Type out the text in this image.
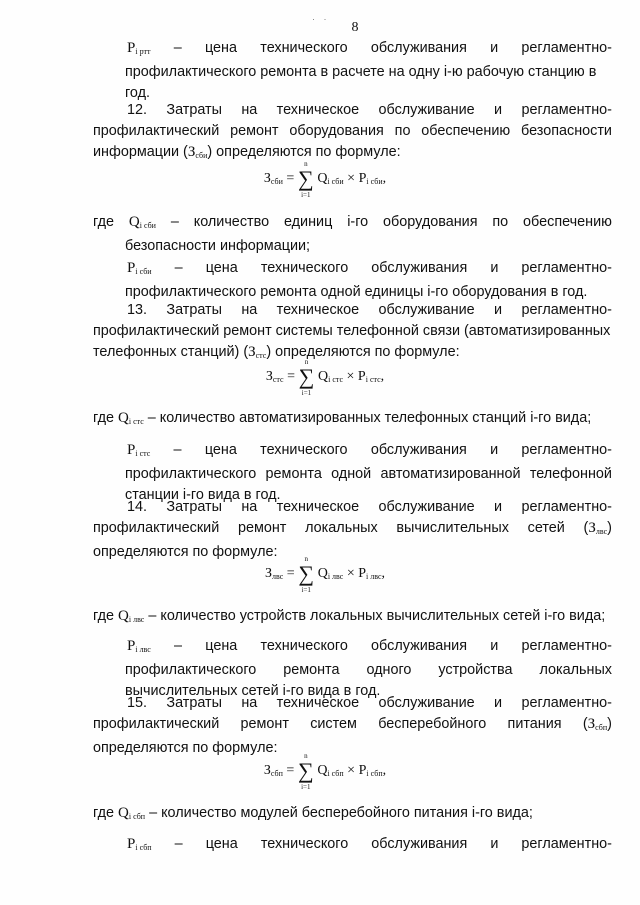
· ·
8
$P_{i ртт}$ – цена технического обслуживания и регламентно-
профилактического ремонта в расчете на одну i-ю рабочую станцию в
год.
12. Затраты на техническое обслуживание и регламентно-
профилактический ремонт оборудования по обеспечению безопасности
информации $(З_{сби})$ определяются по формуле:
$З_{сби}$ =
n
∑
i=1
$Q_{i сби} \times P_{i сби}$,
где $Q_{i сби}$ – количество единиц i-го оборудования по обеспечению
безопасности информации;
$P_{i сби}$ – цена технического обслуживания и регламентно-
профилактического ремонта одной единицы i-го оборудования в год.
13. Затраты на техническое обслуживание и регламентно-
профилактический ремонт системы телефонной связи (автоматизированных
телефонных станций) $(З_{стс})$ определяются по формуле:
$З_{стс}$ =
n
∑
i=1
$Q_{i стс} \times P_{i стс}$,
где $Q_{i стс}$ – количество автоматизированных телефонных станций i-го вида;
$P_{i стс}$ – цена технического обслуживания и регламентно-
профилактического ремонта одной автоматизированной телефонной
станции i-го вида в год.
14. Затраты на техническое обслуживание и регламентно-
профилактический ремонт локальных вычислительных сетей $(З_{лвс})$
определяются по формуле:
$З_{лвс}$ =
n
∑
i=1
$Q_{i лвс} \times P_{i лвс}$,
где $Q_{i лвс}$ – количество устройств локальных вычислительных сетей i-го вида;
$P_{i лвс}$ – цена технического обслуживания и регламентно-
профилактического ремонта одного устройства локальных
вычислительных сетей i-го вида в год.
15. Затраты на техническое обслуживание и регламентно-
профилактический ремонт систем бесперебойного питания $(З_{сбп})$
определяются по формуле:
$З_{сбп}$ =
n
∑
i=1
$Q_{i сбп} \times P_{i сбп}$,
где $Q_{i сбп}$ – количество модулей бесперебойного питания i-го вида;
$P_{i сбп}$ – цена технического обслуживания и регламентно-
